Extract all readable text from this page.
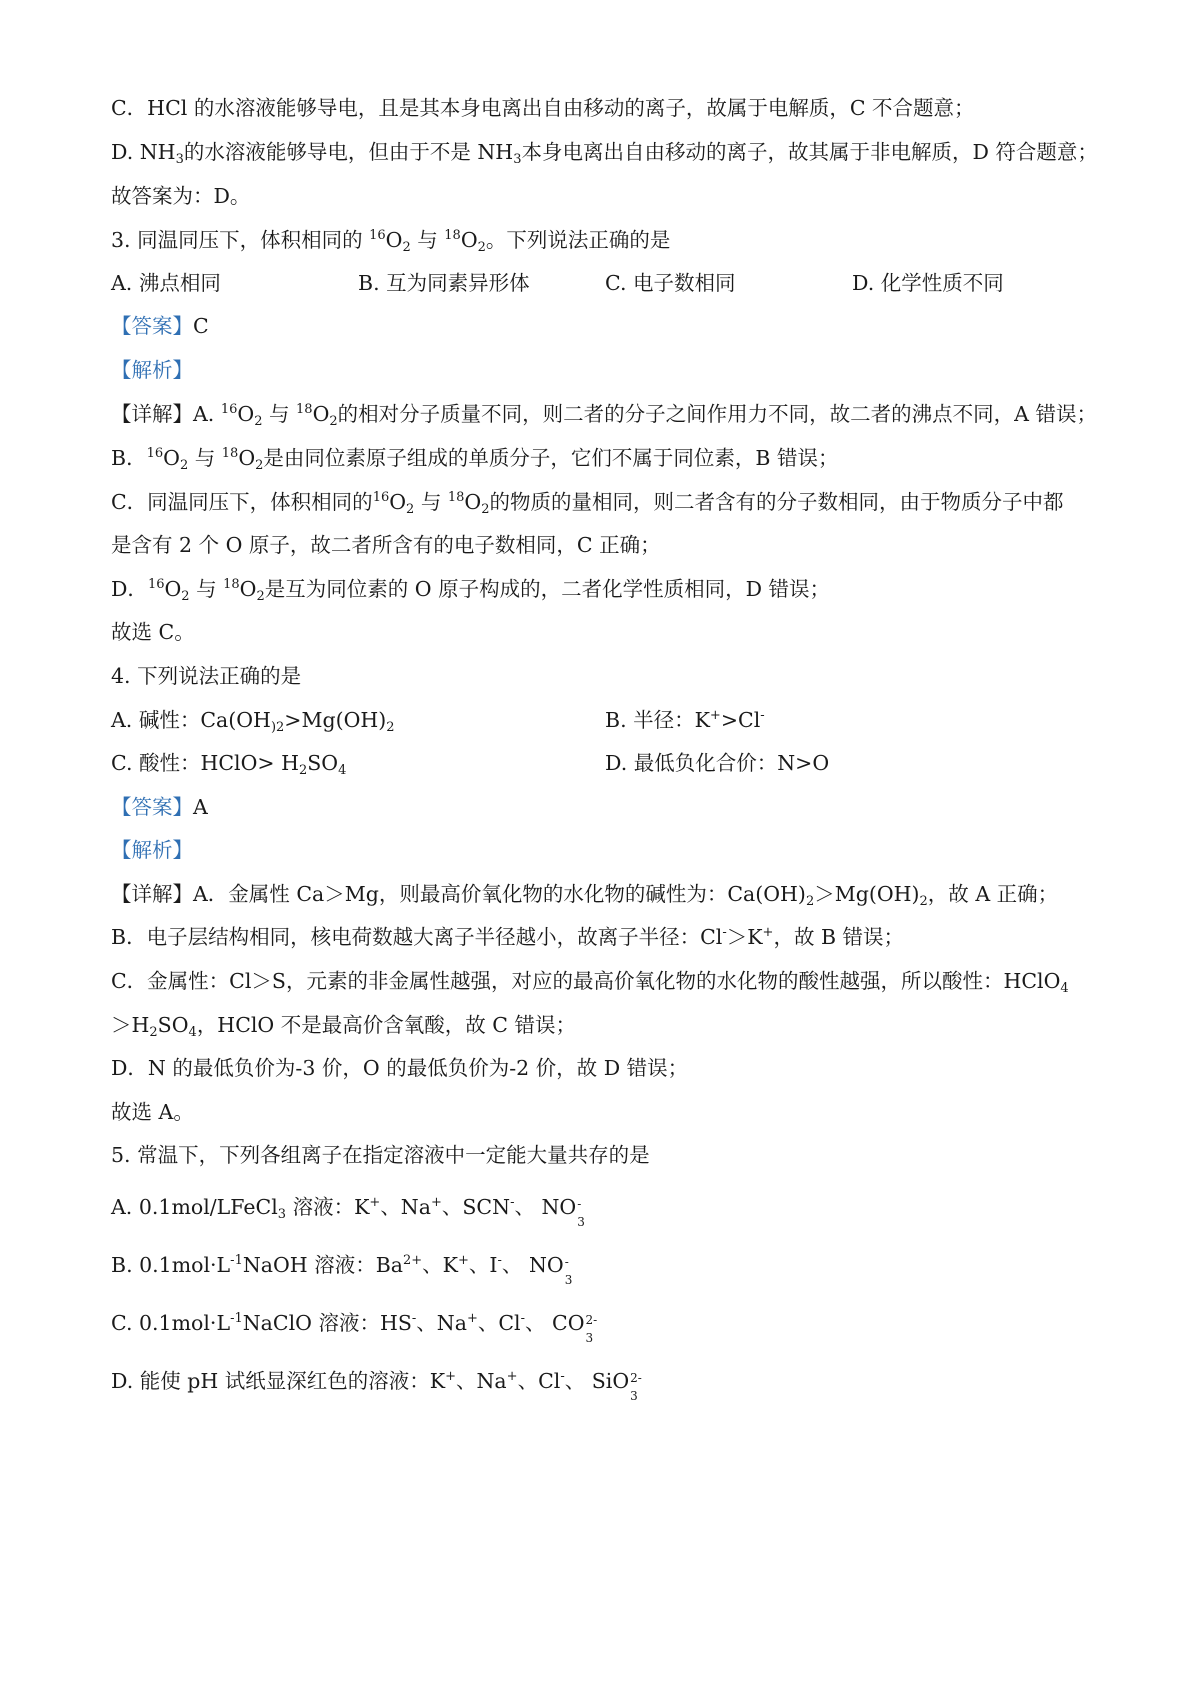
C．HCl 的水溶液能够导电，且是其本身电离出自由移动的离子，故属于电解质，C 不合题意；
D. $NH_3$的水溶液能够导电，但由于不是 $NH_3$本身电离出自由移动的离子，故其属于非电解质，D 符合题意；
故答案为：D。
3. 同温同压下，体积相同的 $^{16}O_2$ 与 $^{18}O_2$。下列说法正确的是
A. 沸点相同	B. 互为同素异形体	C. 电子数相同	D. 化学性质不同
【答案】C
【解析】
【详解】A. $^{16}O_2$ 与 $^{18}O_2$的相对分子质量不同，则二者的分子之间作用力不同，故二者的沸点不同，A 错误；
B．$^{16}O_2$ 与 $^{18}O_2$是由同位素原子组成的单质分子，它们不属于同位素，B 错误；
C．同温同压下，体积相同的$^{16}O_2$ 与 $^{18}O_2$的物质的量相同，则二者含有的分子数相同，由于物质分子中都
是含有 2 个 O 原子，故二者所含有的电子数相同，C 正确；
D．$^{16}O_2$ 与 $^{18}O_2$是互为同位素的 O 原子构成的，二者化学性质相同，D 错误；
故选 C。
4. 下列说法正确的是
A. 碱性：$Ca(OH_{)2}>Mg(OH)_2$	B. 半径：K+>Cl-
C. 酸性：HClO> $H_2SO_4$	D. 最低负化合价：N>O
【答案】A
【解析】
【详解】A．金属性 Ca＞Mg，则最高价氧化物的水化物的碱性为：$Ca(OH)_2>Mg(OH)_2$，故 A 正确；
B．电子层结构相同，核电荷数越大离子半径越小，故离子半径：Cl-＞K+，故 B 错误；
C．金属性：Cl＞S，元素的非金属性越强，对应的最高价氧化物的水化物的酸性越强，所以酸性：HClO$_4$
$>H_2SO_4$，HClO 不是最高价含氧酸，故 C 错误；
D．N 的最低负价为-3 价，O 的最低负价为-2 价，故 D 错误；
故选 A。
5. 常温下，下列各组离子在指定溶液中一定能大量共存的是
A. 0.1mol/LFeCl$_3$ 溶液：K+、Na+、SCN-、 NO -
3
B. $0.1mol\cdot L^{-1}NaOH$ 溶液：$Ba^{2+}$、K+、I-、 NO -
3
C. $0.1mol\cdot L^{-1}NaClO$ 溶液：HS-、Na+、Cl-、 CO 2-
3
D. 能使 pH 试纸显深红色的溶液：K+、Na+、Cl-、 SiO 2-
3
